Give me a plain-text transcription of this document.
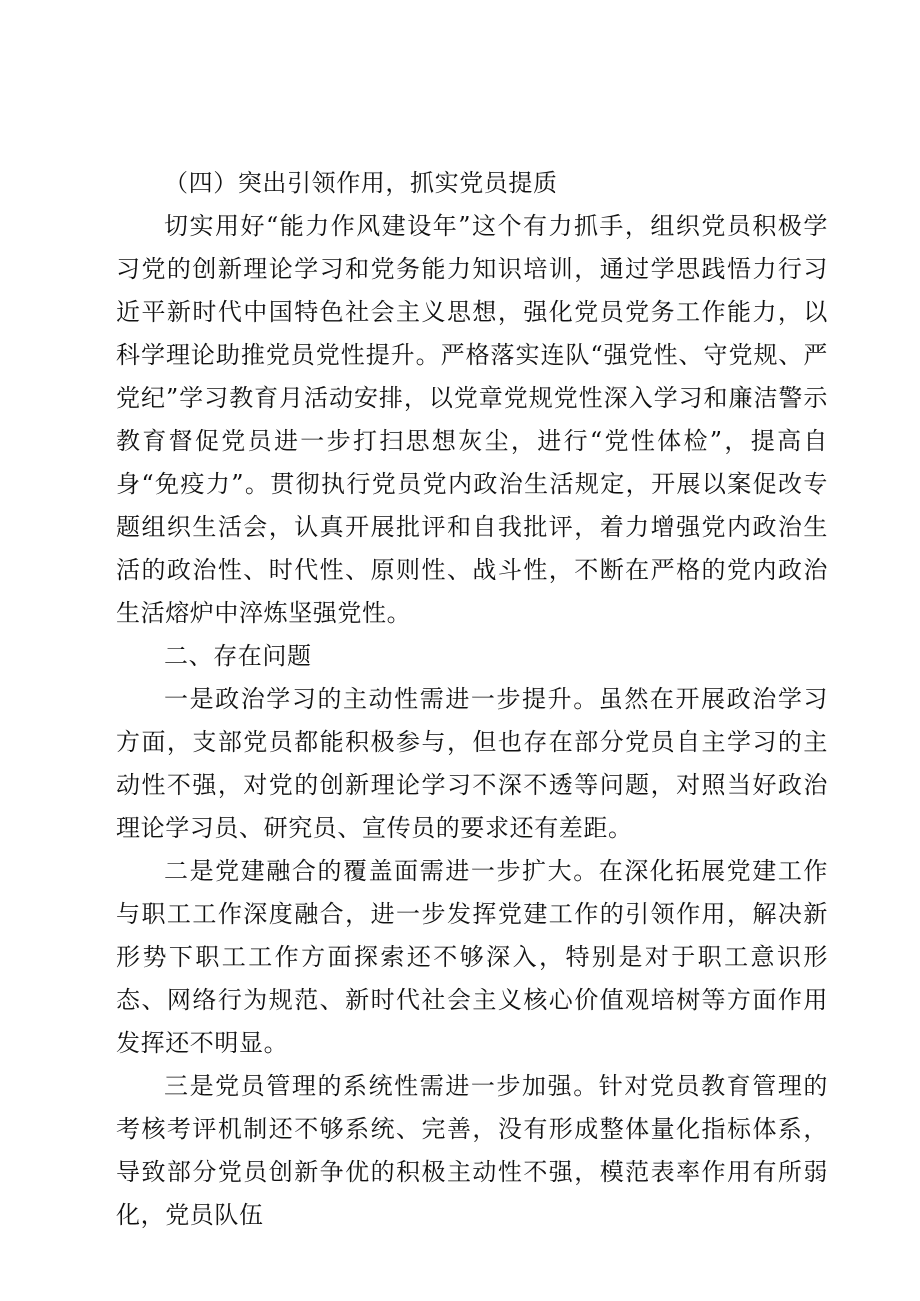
（四）突出引领作用，抓实党员提质

切实用好“能力作风建设年”这个有力抓手，组织党员积极学习党的创新理论学习和党务能力知识培训，通过学思践悟力行习近平新时代中国特色社会主义思想，强化党员党务工作能力，以科学理论助推党员党性提升。严格落实连队“强党性、守党规、严党纪”学习教育月活动安排，以党章党规党性深入学习和廉洁警示教育督促党员进一步打扫思想灰尘，进行“党性体检”，提高自身“免疫力”。贯彻执行党员党内政治生活规定，开展以案促改专题组织生活会，认真开展批评和自我批评，着力增强党内政治生活的政治性、时代性、原则性、战斗性，不断在严格的党内政治生活熔炉中淬炼坚强党性。

二、存在问题

一是政治学习的主动性需进一步提升。虽然在开展政治学习方面，支部党员都能积极参与，但也存在部分党员自主学习的主动性不强，对党的创新理论学习不深不透等问题，对照当好政治理论学习员、研究员、宣传员的要求还有差距。

二是党建融合的覆盖面需进一步扩大。在深化拓展党建工作与职工工作深度融合，进一步发挥党建工作的引领作用，解决新形势下职工工作方面探索还不够深入，特别是对于职工意识形态、网络行为规范、新时代社会主义核心价值观培树等方面作用发挥还不明显。

三是党员管理的系统性需进一步加强。针对党员教育管理的考核考评机制还不够系统、完善，没有形成整体量化指标体系，导致部分党员创新争优的积极主动性不强，模范表率作用有所弱化，党员队伍
